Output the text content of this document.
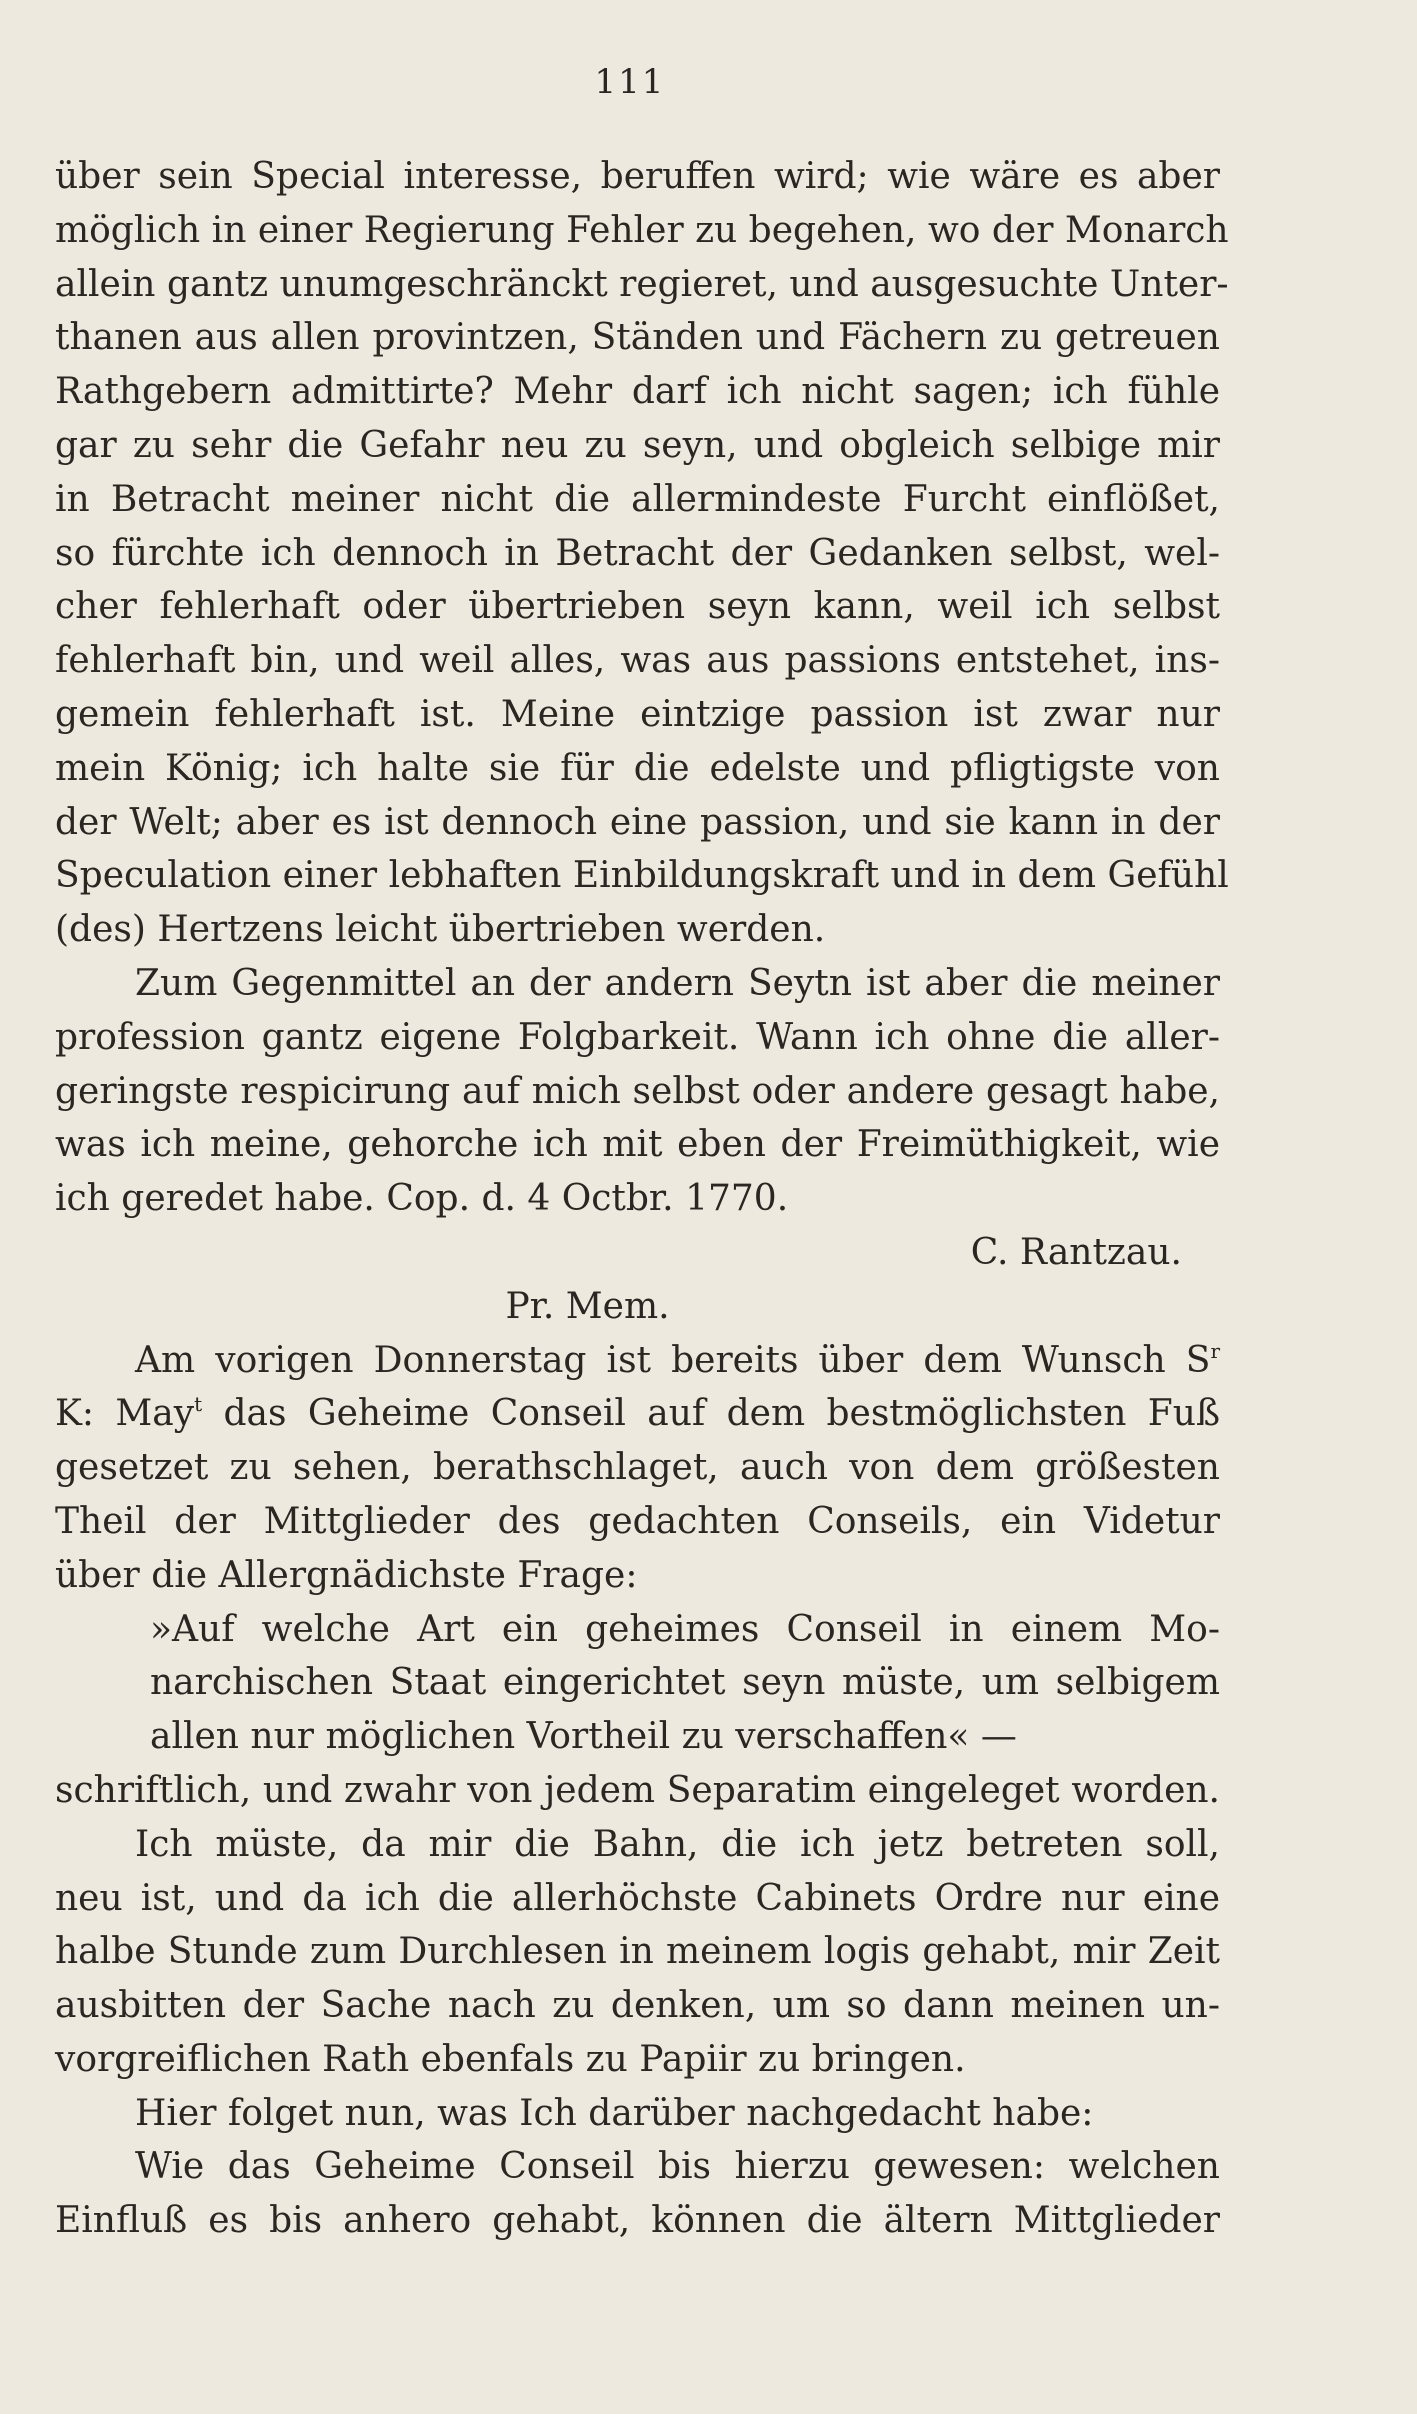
111
über sein Special interesse, beruffen wird; wie wäre es aber
möglich in einer Regierung Fehler zu begehen, wo der Monarch
allein gantz unumgeschränckt regieret, und ausgesuchte Unter-
thanen aus allen provintzen, Ständen und Fächern zu getreuen
Rathgebern admittirte? Mehr darf ich nicht sagen; ich fühle
gar zu sehr die Gefahr neu zu seyn, und obgleich selbige mir
in Betracht meiner nicht die allermindeste Furcht einflößet,
so fürchte ich dennoch in Betracht der Gedanken selbst, wel-
cher fehlerhaft oder übertrieben seyn kann, weil ich selbst
fehlerhaft bin, und weil alles, was aus passions entstehet, ins-
gemein fehlerhaft ist. Meine eintzige passion ist zwar nur
mein König; ich halte sie für die edelste und pfligtigste von
der Welt; aber es ist dennoch eine passion, und sie kann in der
Speculation einer lebhaften Einbildungskraft und in dem Gefühl
(des) Hertzens leicht übertrieben werden.
Zum Gegenmittel an der andern Seytn ist aber die meiner
profession gantz eigene Folgbarkeit. Wann ich ohne die aller-
geringste respicirung auf mich selbst oder andere gesagt habe,
was ich meine, gehorche ich mit eben der Freimüthigkeit, wie
ich geredet habe. Cop. d. 4 Octbr. 1770.
C. Rantzau.
Pr. Mem.
Am vorigen Donnerstag ist bereits über dem Wunsch $S^r$
K: May$^t$ das Geheime Conseil auf dem bestmöglichsten Fuß
gesetzet zu sehen, berathschlaget, auch von dem größesten
Theil der Mittglieder des gedachten Conseils, ein Videtur
über die Allergnädichste Frage:
»Auf welche Art ein geheimes Conseil in einem Mo-
narchischen Staat eingerichtet seyn müste, um selbigem
allen nur möglichen Vortheil zu verschaffen« —
schriftlich, und zwahr von jedem Separatim eingeleget worden.
Ich müste, da mir die Bahn, die ich jetz betreten soll,
neu ist, und da ich die allerhöchste Cabinets Ordre nur eine
halbe Stunde zum Durchlesen in meinem logis gehabt, mir Zeit
ausbitten der Sache nach zu denken, um so dann meinen un-
vorgreiflichen Rath ebenfals zu Papiir zu bringen.
Hier folget nun, was Ich darüber nachgedacht habe:
Wie das Geheime Conseil bis hierzu gewesen: welchen
Einfluß es bis anhero gehabt, können die ältern Mittglieder
